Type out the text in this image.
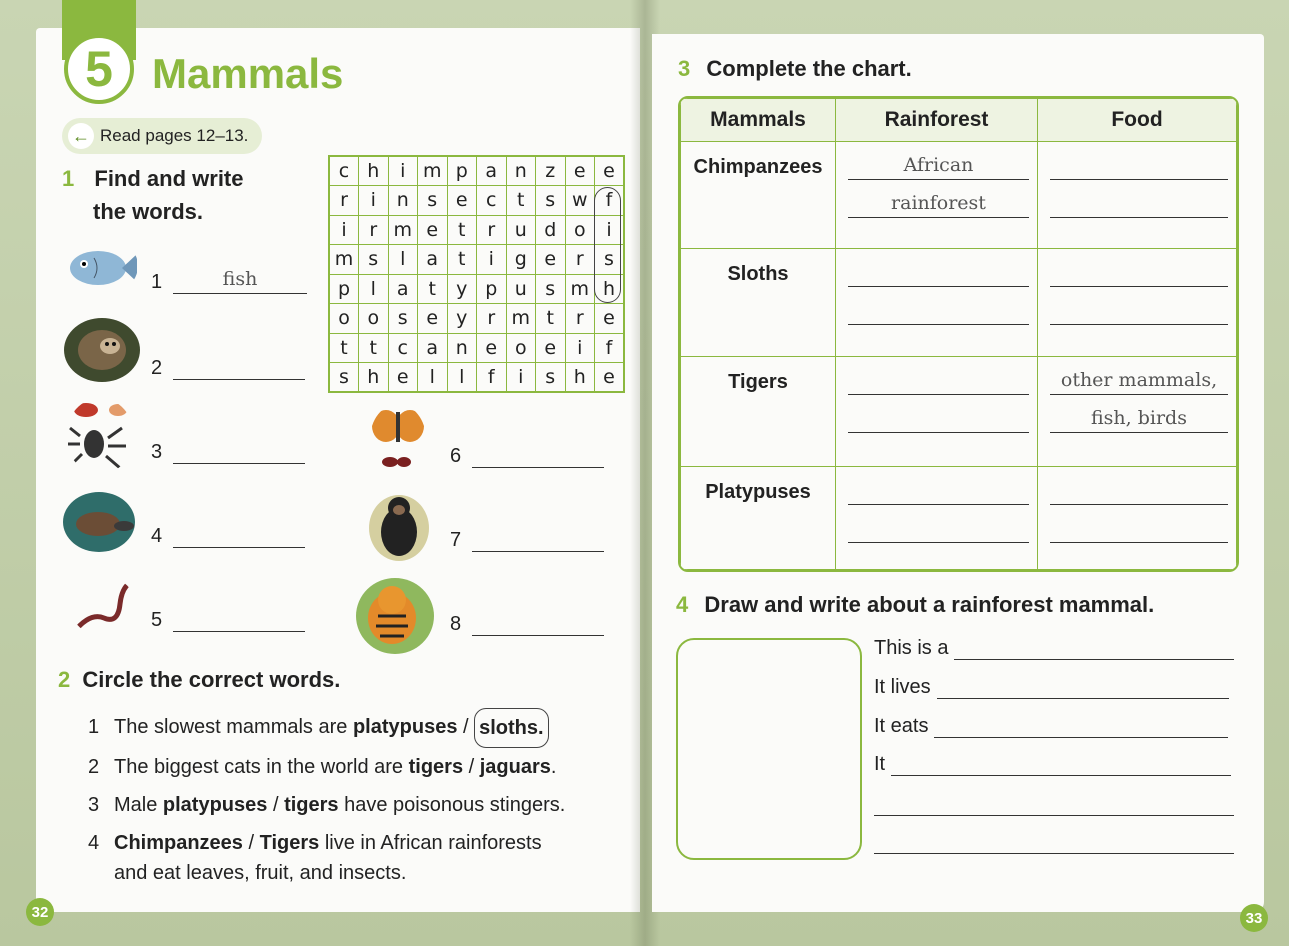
5 Mammals
← Read pages 12–13.
1 Find and write
the words.
c	h	i	m	p	a	n	z	e	e
r	i	n	s	e	c	t	s	w	f
i	r	m	e	t	r	u	d	o	i
m	s	l	a	t	i	g	e	r	s
p	l	a	t	y	p	u	s	m	h
o	o	s	e	y	r	m	t	r	e
t	t	c	a	n	e	o	e	i	f
s	h	e	l	l	f	i	s	h	e
1	fish
2
3
4
5
6
7
8
2 Circle the correct words.
1 The slowest mammals are platypuses / sloths.
2 The biggest cats in the world are tigers / jaguars .
3 Male platypuses / tigers have poisonous stingers.
4 Chimpanzees / Tigers live in African rainforests
and eat leaves, fruit, and insects.
32
3 Complete the chart.
Mammals	Rainforest	Food
Chimpanzees	African
rainforest	

Sloths	

Tigers		other mammals,
fish, birds

Platypuses	

4 Draw and write about a rainforest mammal.
This is a
It lives
It eats
It
33
